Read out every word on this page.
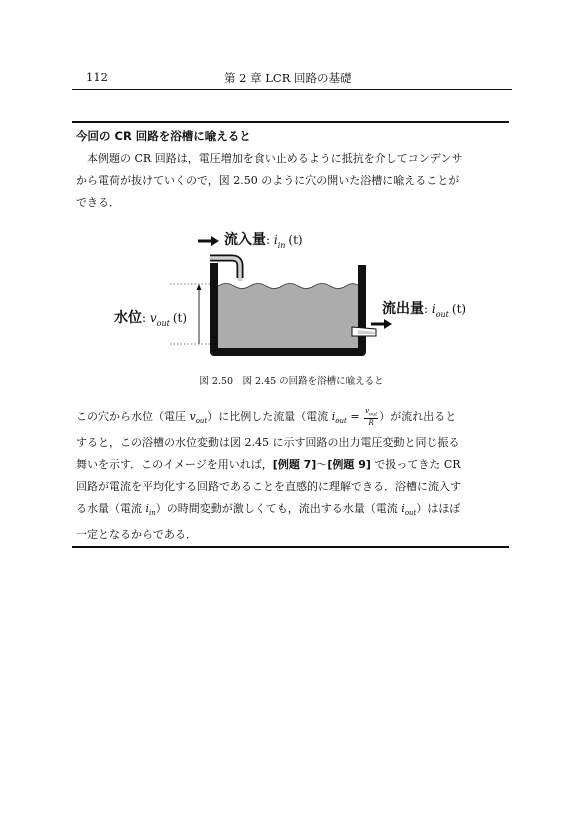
112	第 2 章 LCR 回路の基礎
今回の CR 回路を浴槽に喩えると

本例題の CR 回路は，電圧増加を食い止めるように抵抗を介してコンデンサ

から電荷が抜けていくので，図 2.50 のように穴の開いた浴槽に喩えることが

できる．

流入量: $i_{in}$ (t)
水位: $v_{out}$ (t)
流出量: $i_{out}$ (t)
図 2.50　図 2.45 の回路を浴槽に喩えると

この穴から水位（電圧 $v_{out}$）に比例した流量（電流 $i_{out} = \frac{v_{out}}{R}$ ）が流れ出ると

すると，この浴槽の水位変動は図 2.45 に示す回路の出力電圧変動と同じ振る

舞いを示す．このイメージを用いれば，[例題 7]〜[例題 9] で扱ってきた CR

回路が電流を平均化する回路であることを直感的に理解できる．浴槽に流入す

る水量（電流 $i_{in}$）の時間変動が激しくても，流出する水量（電流 $i_{out}$）はほぼ

一定となるからである．
